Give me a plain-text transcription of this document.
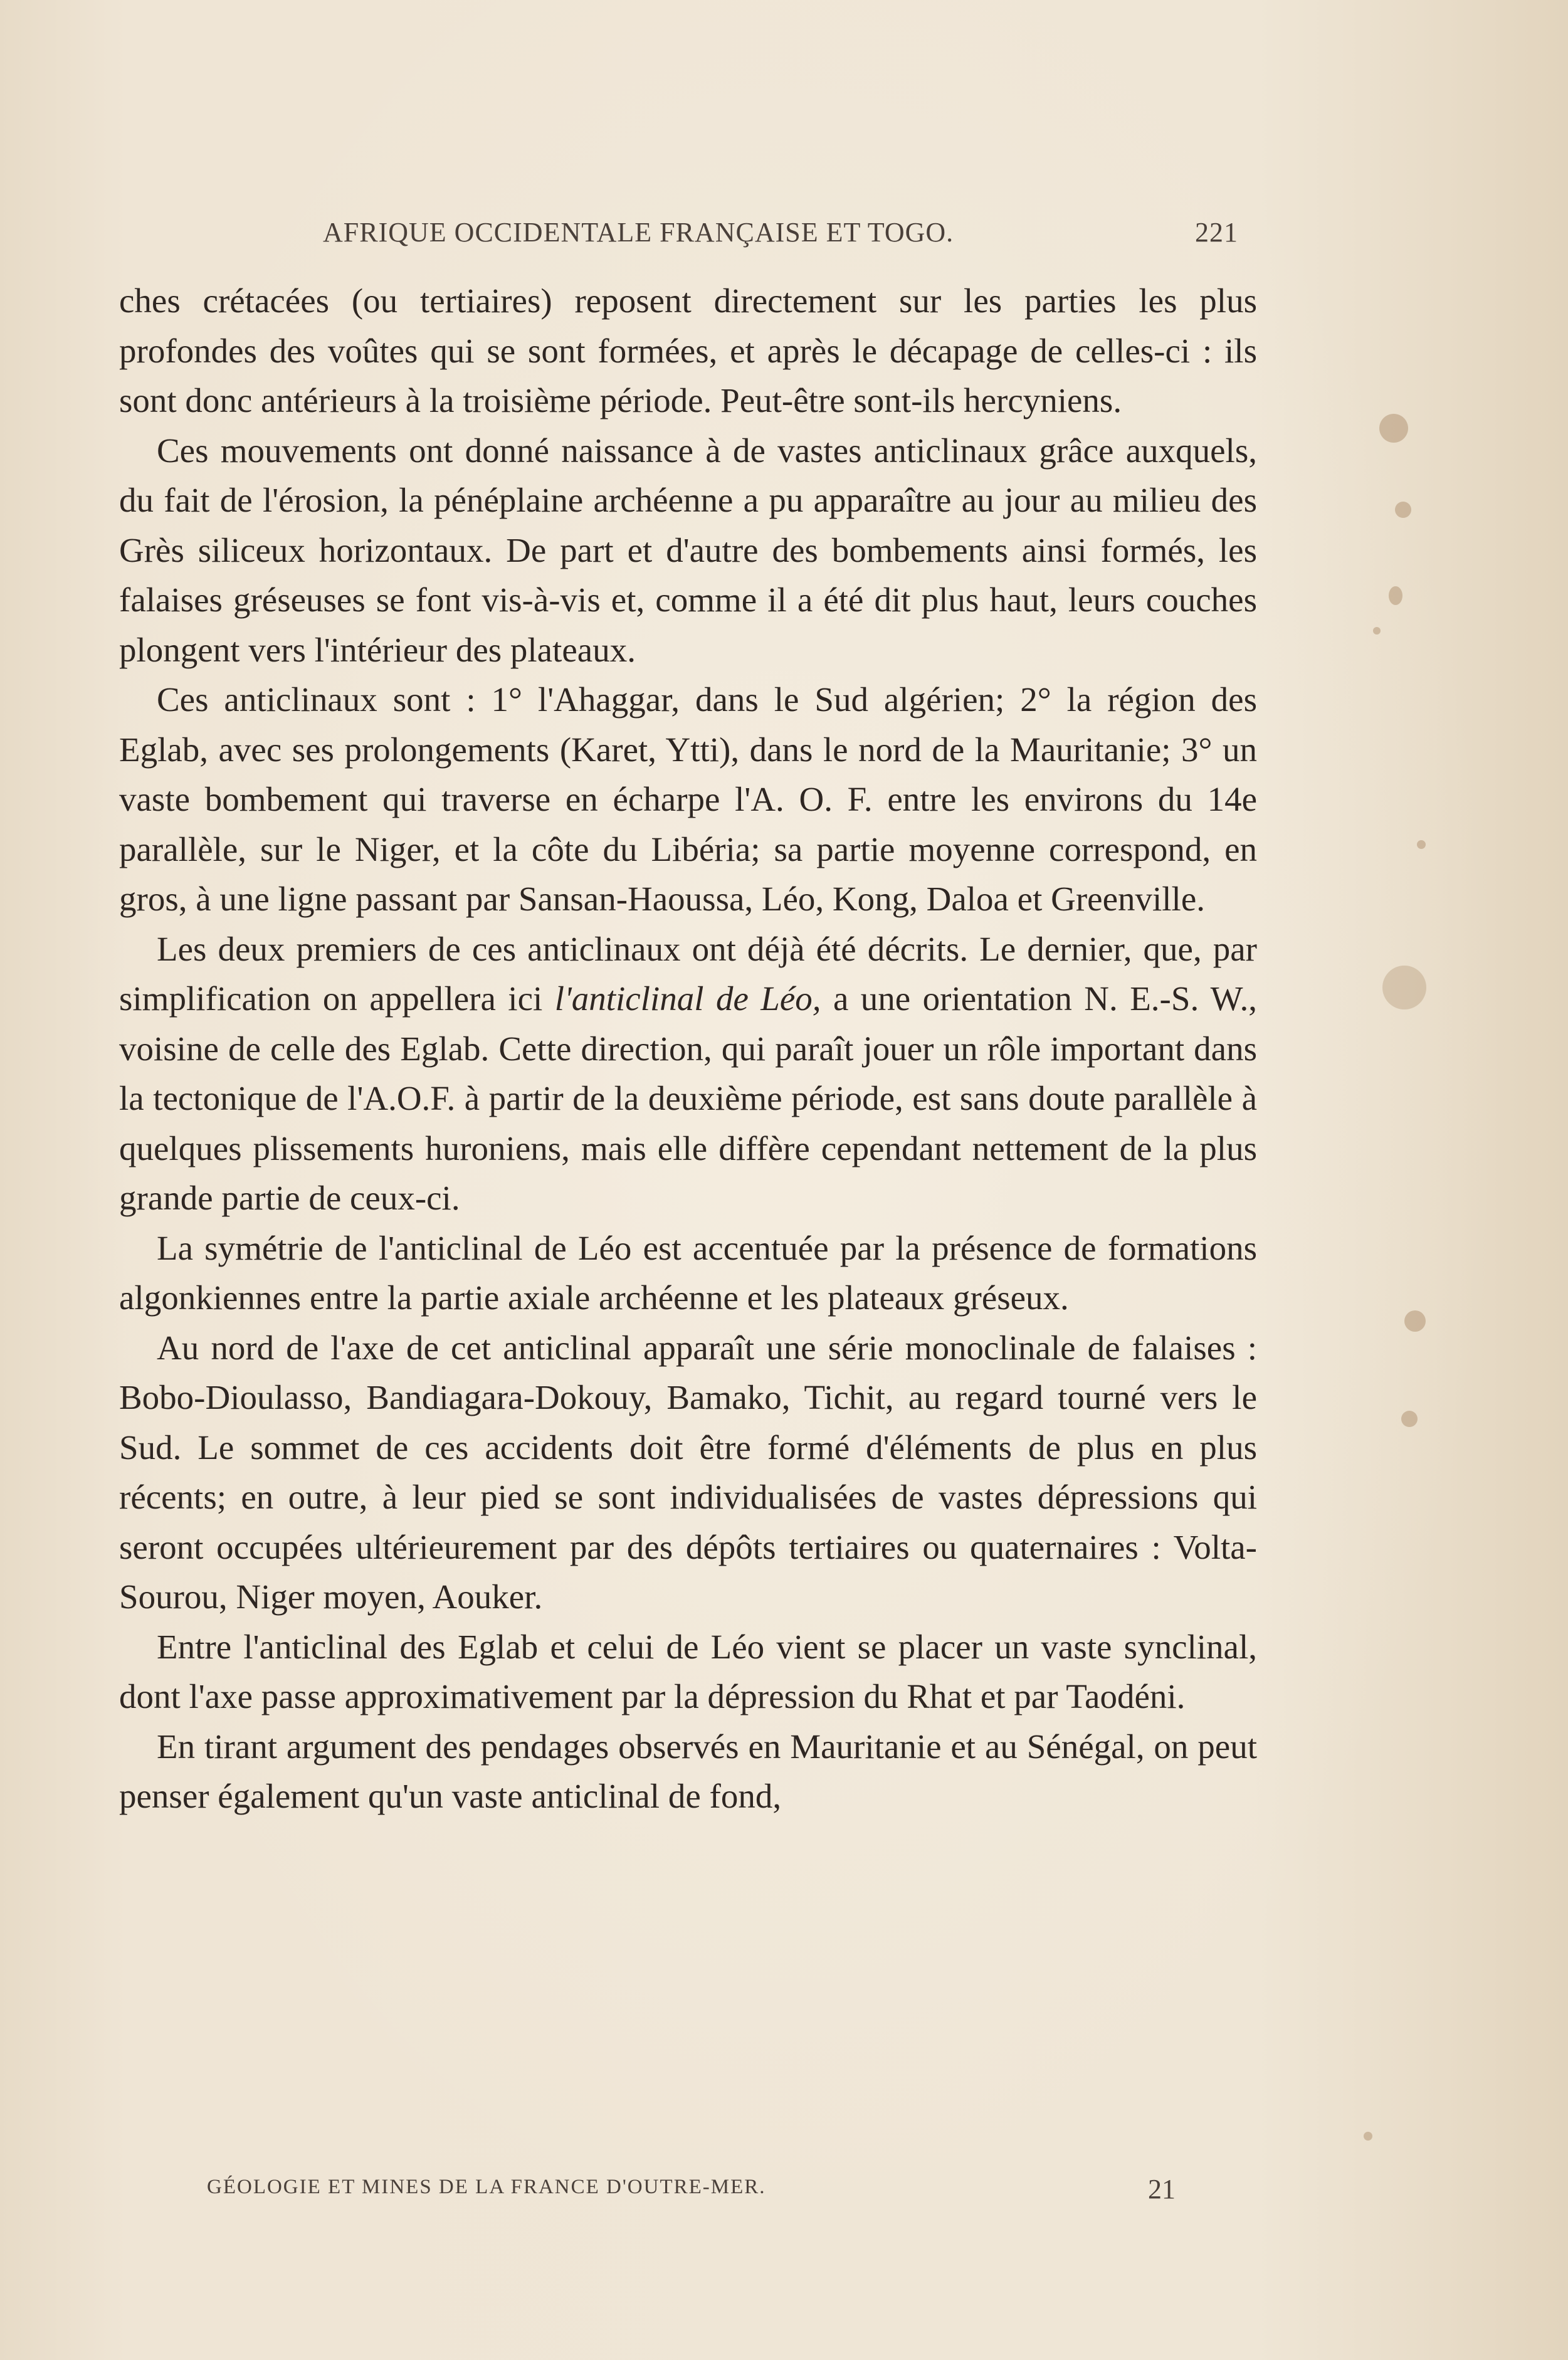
AFRIQUE OCCIDENTALE FRANÇAISE ET TOGO.	221

ches crétacées (ou tertiaires) reposent directement sur les parties les plus profondes des voûtes qui se sont formées, et après le décapage de celles-ci : ils sont donc antérieurs à la troisième période. Peut-être sont-ils hercyniens.

Ces mouvements ont donné naissance à de vastes anticlinaux grâce auxquels, du fait de l'érosion, la pénéplaine archéenne a pu apparaître au jour au milieu des Grès siliceux horizontaux. De part et d'autre des bombements ainsi formés, les falaises gréseuses se font vis-à-vis et, comme il a été dit plus haut, leurs couches plongent vers l'intérieur des plateaux.

Ces anticlinaux sont : 1° l'Ahaggar, dans le Sud algérien; 2° la région des Eglab, avec ses prolongements (Karet, Ytti), dans le nord de la Mauritanie; 3° un vaste bombement qui traverse en écharpe l'A. O. F. entre les environs du 14e parallèle, sur le Niger, et la côte du Libéria; sa partie moyenne correspond, en gros, à une ligne passant par Sansan-Haoussa, Léo, Kong, Daloa et Greenville.

Les deux premiers de ces anticlinaux ont déjà été décrits. Le dernier, que, par simplification on appellera ici l'anticlinal de Léo, a une orientation N. E.-S. W., voisine de celle des Eglab. Cette direction, qui paraît jouer un rôle important dans la tectonique de l'A.O.F. à partir de la deuxième période, est sans doute parallèle à quelques plissements huroniens, mais elle diffère cependant nettement de la plus grande partie de ceux-ci.

La symétrie de l'anticlinal de Léo est accentuée par la présence de formations algonkiennes entre la partie axiale archéenne et les plateaux gréseux.

Au nord de l'axe de cet anticlinal apparaît une série monoclinale de falaises : Bobo-Dioulasso, Bandiagara-Dokouy, Bamako, Tichit, au regard tourné vers le Sud. Le sommet de ces accidents doit être formé d'éléments de plus en plus récents; en outre, à leur pied se sont individualisées de vastes dépressions qui seront occupées ultérieurement par des dépôts tertiaires ou quaternaires : Volta-Sourou, Niger moyen, Aouker.

Entre l'anticlinal des Eglab et celui de Léo vient se placer un vaste synclinal, dont l'axe passe approximativement par la dépression du Rhat et par Taodéni.

En tirant argument des pendages observés en Mauritanie et au Sénégal, on peut penser également qu'un vaste anticlinal de fond,

GÉOLOGIE ET MINES DE LA FRANCE D'OUTRE-MER.	21
